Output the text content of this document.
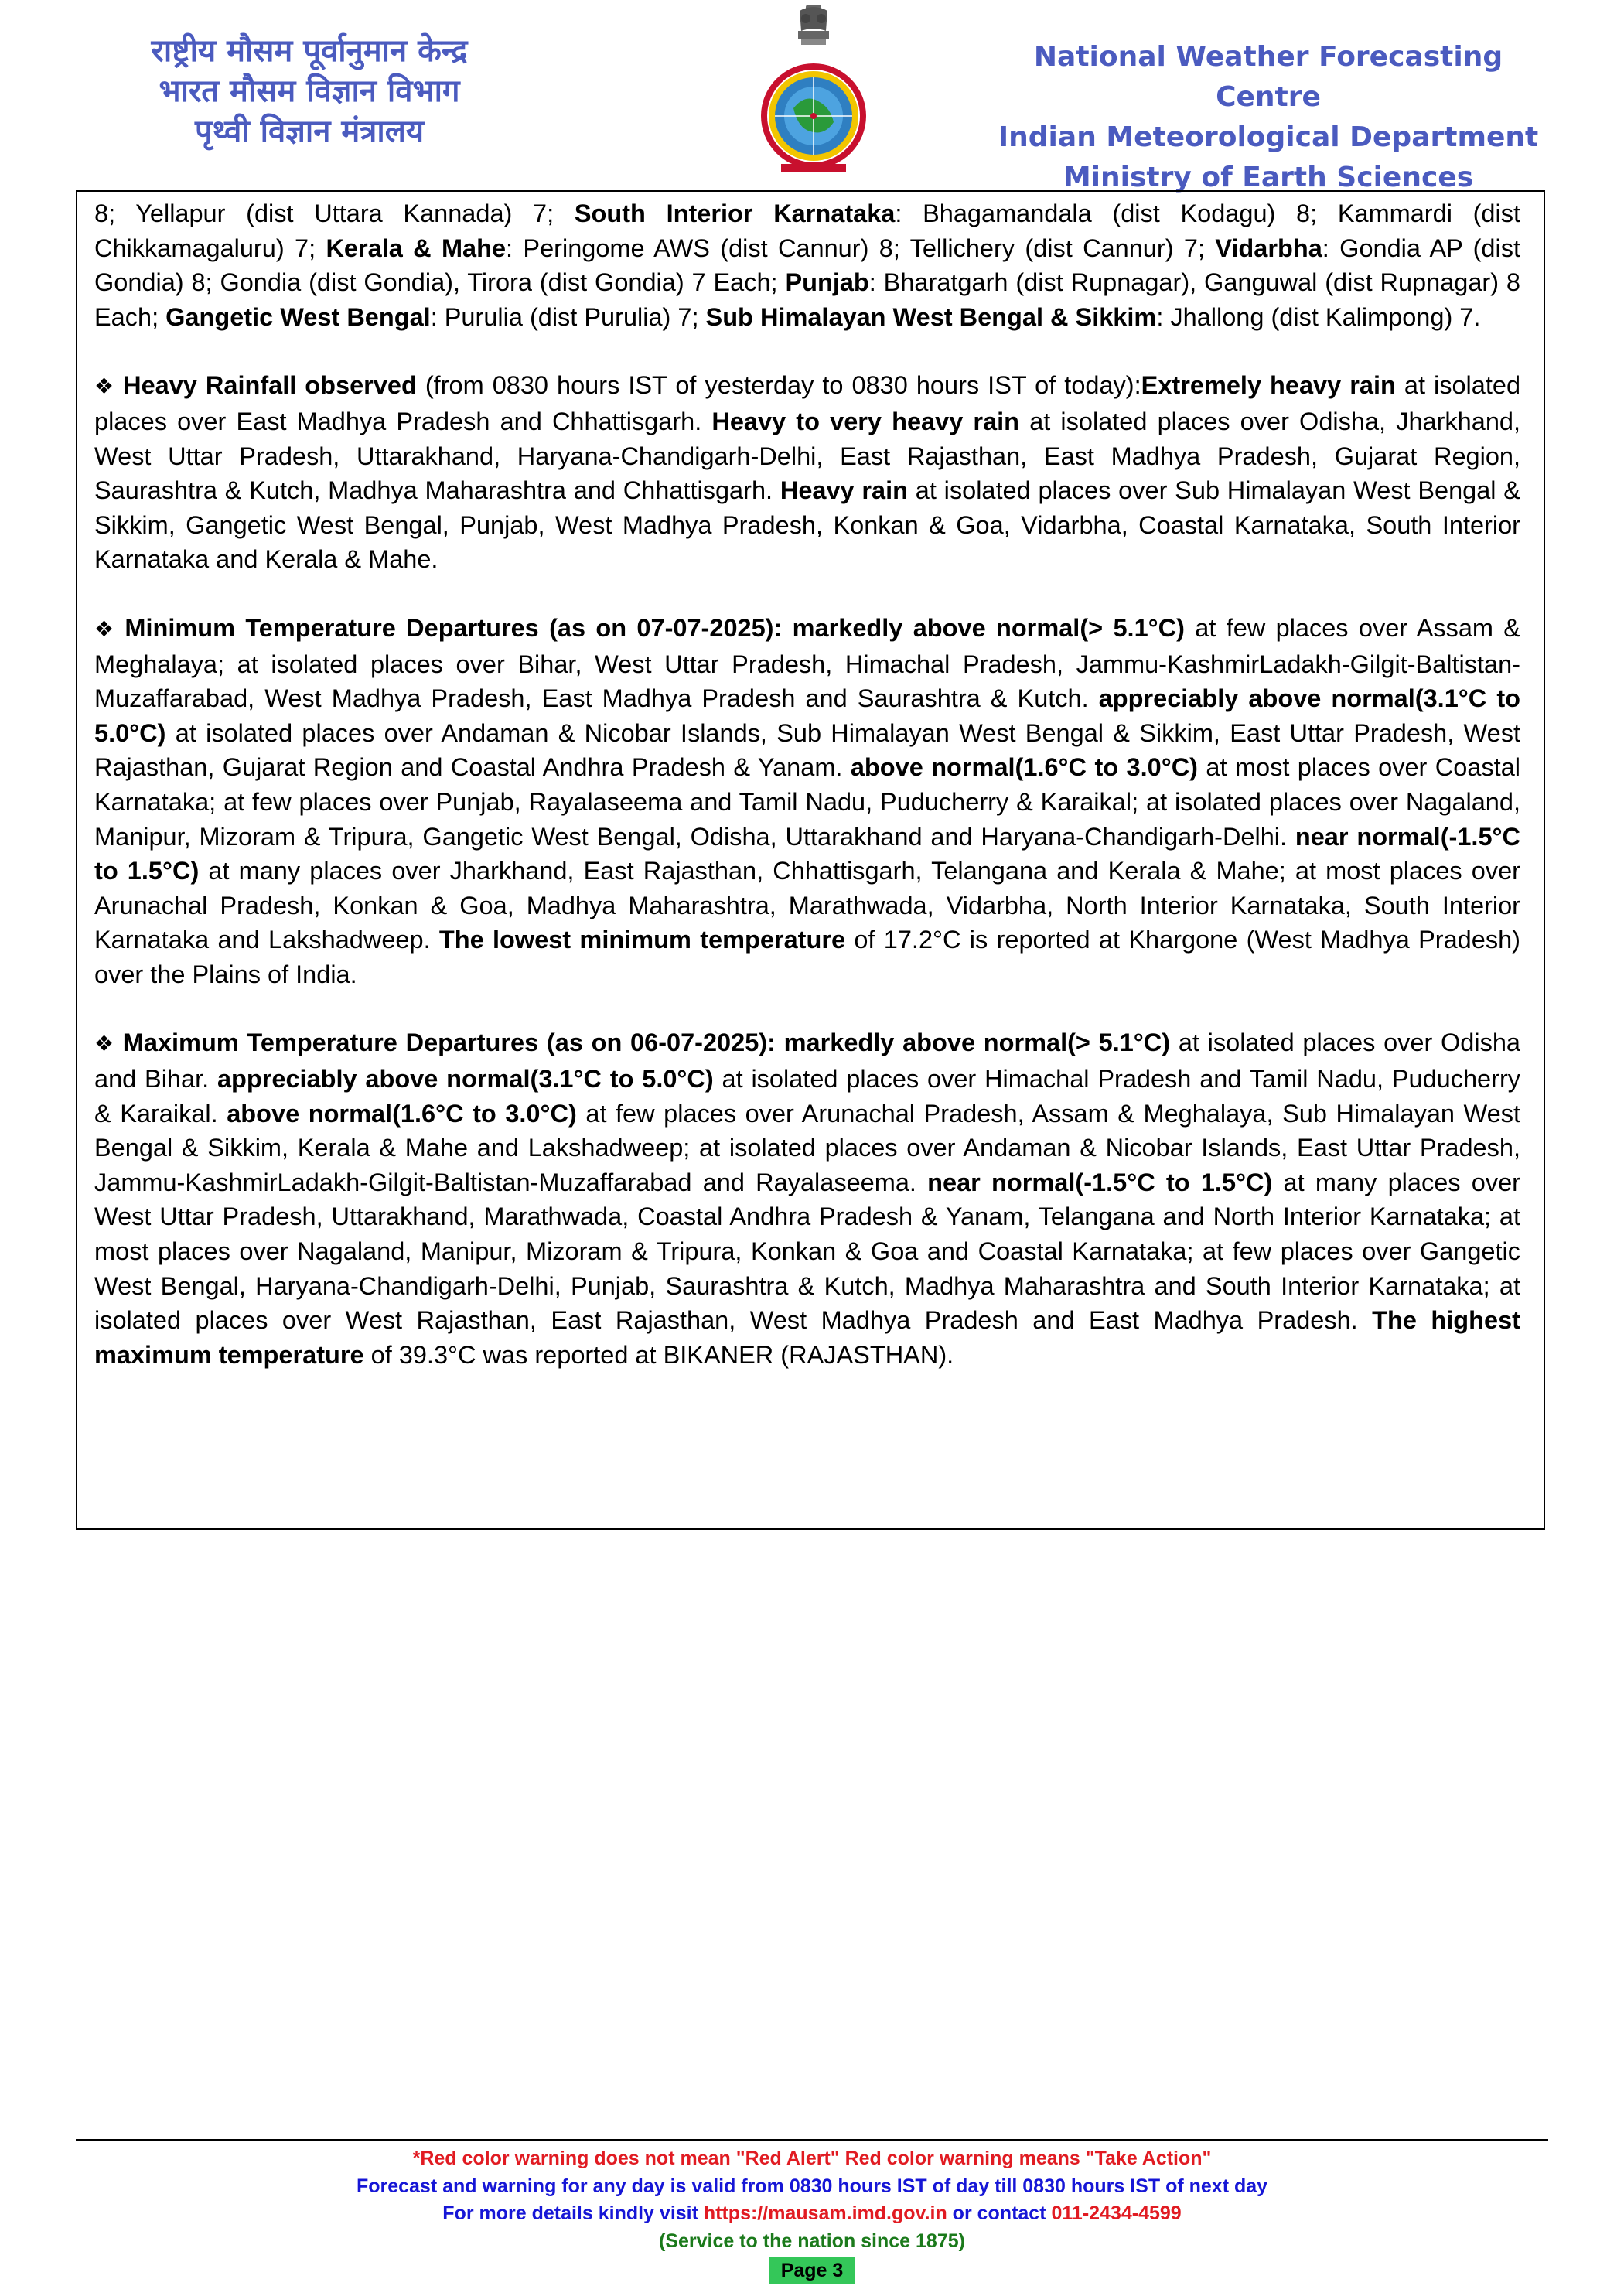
राष्ट्रीय मौसम पूर्वानुमान केन्द्र
भारत मौसम विज्ञान विभाग
पृथ्वी विज्ञान मंत्रालय
National Weather Forecasting Centre
Indian Meteorological Department
Ministry of Earth Sciences

8; Yellapur (dist Uttara Kannada) 7; South Interior Karnataka: Bhagamandala (dist Kodagu) 8; Kammardi (dist Chikkamagaluru) 7; Kerala & Mahe: Peringome AWS (dist Cannur) 8; Tellichery (dist Cannur) 7; Vidarbha: Gondia AP (dist Gondia) 8; Gondia (dist Gondia), Tirora (dist Gondia) 7 Each; Punjab: Bharatgarh (dist Rupnagar), Ganguwal (dist Rupnagar) 8 Each; Gangetic West Bengal: Purulia (dist Purulia) 7; Sub Himalayan West Bengal & Sikkim: Jhallong (dist Kalimpong) 7.

❖ Heavy Rainfall observed (from 0830 hours IST of yesterday to 0830 hours IST of today):Extremely heavy rain at isolated places over East Madhya Pradesh and Chhattisgarh. Heavy to very heavy rain at isolated places over Odisha, Jharkhand, West Uttar Pradesh, Uttarakhand, Haryana-Chandigarh-Delhi, East Rajasthan, East Madhya Pradesh, Gujarat Region, Saurashtra & Kutch, Madhya Maharashtra and Chhattisgarh. Heavy rain at isolated places over Sub Himalayan West Bengal & Sikkim, Gangetic West Bengal, Punjab, West Madhya Pradesh, Konkan & Goa, Vidarbha, Coastal Karnataka, South Interior Karnataka and Kerala & Mahe.

❖ Minimum Temperature Departures (as on 07-07-2025): markedly above normal(> 5.1°C) at few places over Assam & Meghalaya; at isolated places over Bihar, West Uttar Pradesh, Himachal Pradesh, Jammu-KashmirLadakh-Gilgit-Baltistan-Muzaffarabad, West Madhya Pradesh, East Madhya Pradesh and Saurashtra & Kutch. appreciably above normal(3.1°C to 5.0°C) at isolated places over Andaman & Nicobar Islands, Sub Himalayan West Bengal & Sikkim, East Uttar Pradesh, West Rajasthan, Gujarat Region and Coastal Andhra Pradesh & Yanam. above normal(1.6°C to 3.0°C) at most places over Coastal Karnataka; at few places over Punjab, Rayalaseema and Tamil Nadu, Puducherry & Karaikal; at isolated places over Nagaland, Manipur, Mizoram & Tripura, Gangetic West Bengal, Odisha, Uttarakhand and Haryana-Chandigarh-Delhi. near normal(-1.5°C to 1.5°C) at many places over Jharkhand, East Rajasthan, Chhattisgarh, Telangana and Kerala & Mahe; at most places over Arunachal Pradesh, Konkan & Goa, Madhya Maharashtra, Marathwada, Vidarbha, North Interior Karnataka, South Interior Karnataka and Lakshadweep. The lowest minimum temperature of 17.2°C is reported at Khargone (West Madhya Pradesh) over the Plains of India.

❖ Maximum Temperature Departures (as on 06-07-2025): markedly above normal(> 5.1°C) at isolated places over Odisha and Bihar. appreciably above normal(3.1°C to 5.0°C) at isolated places over Himachal Pradesh and Tamil Nadu, Puducherry & Karaikal. above normal(1.6°C to 3.0°C) at few places over Arunachal Pradesh, Assam & Meghalaya, Sub Himalayan West Bengal & Sikkim, Kerala & Mahe and Lakshadweep; at isolated places over Andaman & Nicobar Islands, East Uttar Pradesh, Jammu-KashmirLadakh-Gilgit-Baltistan-Muzaffarabad and Rayalaseema. near normal(-1.5°C to 1.5°C) at many places over West Uttar Pradesh, Uttarakhand, Marathwada, Coastal Andhra Pradesh & Yanam, Telangana and North Interior Karnataka; at most places over Nagaland, Manipur, Mizoram & Tripura, Konkan & Goa and Coastal Karnataka; at few places over Gangetic West Bengal, Haryana-Chandigarh-Delhi, Punjab, Saurashtra & Kutch, Madhya Maharashtra and South Interior Karnataka; at isolated places over West Rajasthan, East Rajasthan, West Madhya Pradesh and East Madhya Pradesh. The highest maximum temperature of 39.3°C was reported at BIKANER (RAJASTHAN).

*Red color warning does not mean "Red Alert" Red color warning means "Take Action"
Forecast and warning for any day is valid from 0830 hours IST of day till 0830 hours IST of next day
For more details kindly visit https://mausam.imd.gov.in or contact 011-2434-4599
(Service to the nation since 1875)
Page 3
